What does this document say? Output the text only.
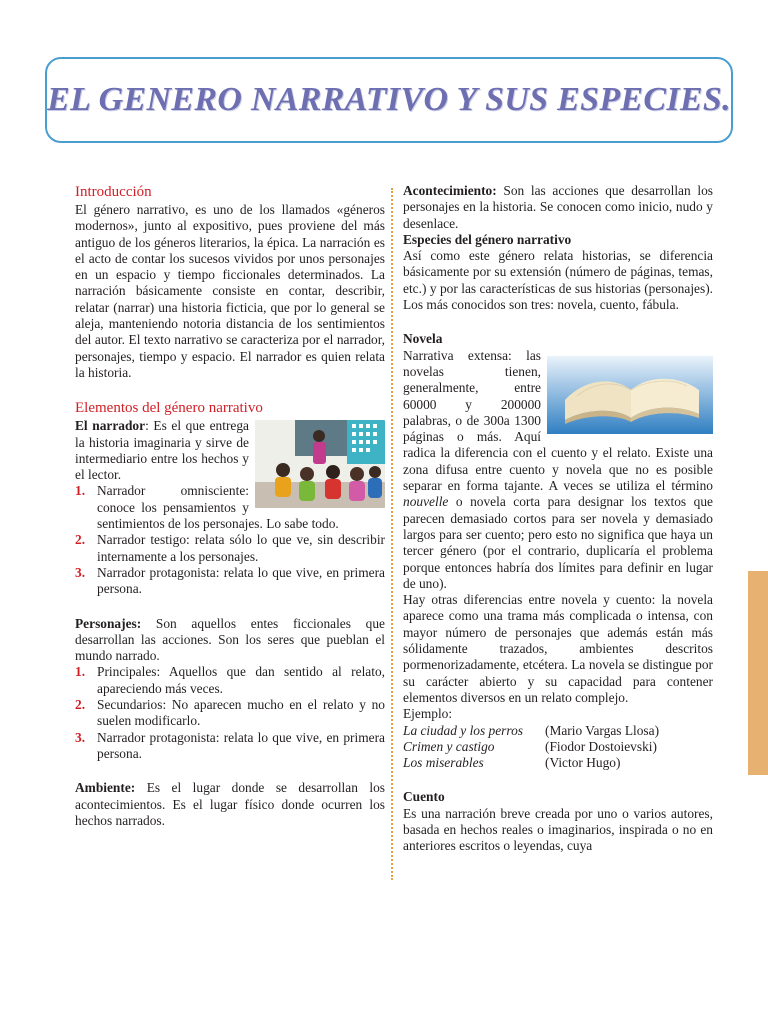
EL GENERO NARRATIVO Y SUS ESPECIES.
Introducción

El género narrativo, es uno de los llamados «géneros modernos», junto al expositivo, pues proviene del más antiguo de los géneros literarios, la épica. La narración es el acto de contar los sucesos vividos por unos personajes en un espacio y tiempo ficcionales determinados. La narración básicamente consiste en contar, describir, relatar (narrar) una historia ficticia, que por lo general se aleja, manteniendo notoria distancia de los sentimientos del autor. El texto narrativo se caracteriza por el narrador, personajes, tiempo y espacio. El narrador es quien relata la historia.

Elementos del género narrativo

El narrador: Es el que entrega la historia imaginaria y sirve de intermediario entre los hechos y el lector.

1. Narrador omnisciente: conoce los pensamientos y sentimientos de los personajes. Lo sabe todo.
2. Narrador testigo: relata sólo lo que ve, sin describir internamente a los personajes.
3. Narrador protagonista: relata lo que vive, en primera persona.

Personajes: Son aquellos entes ficcionales que desarrollan las acciones. Son los seres que pueblan el mundo narrado.

1. Principales: Aquellos que dan sentido al relato, apareciendo más veces.
2. Secundarios: No aparecen mucho en el relato y no suelen modificarlo.
3. Narrador protagonista: relata lo que vive, en primera persona.

Ambiente: Es el lugar donde se desarrollan los acontecimientos. Es el lugar físico donde ocurren los hechos narrados.

Acontecimiento: Son las acciones que desarrollan los personajes en la historia. Se conocen como inicio, nudo y desenlace.

Especies del género narrativo

Así como este género relata historias, se diferencia básicamente por su extensión (número de páginas, temas, etc.) y por las características de sus historias (personajes). Los más conocidos son tres: novela, cuento, fábula.

Novela

Narrativa extensa: las novelas tienen, generalmente, entre 60000 y 200000 palabras, o de 300a 1300 páginas o más. Aquí radica la diferencia con el cuento y el relato. Existe una zona difusa entre cuento y novela que no es posible separar en forma tajante. A veces se utiliza el término nouvelle o novela corta para designar los textos que parecen demasiado cortos para ser novela y demasiado largos para ser cuento; pero esto no significa que haya un tercer género (por el contrario, duplicaría el problema porque entonces habría dos límites para definir en lugar de uno).

Hay otras diferencias entre novela y cuento: la novela aparece como una trama más complicada o intensa, con mayor número de personajes que además están más sólidamente trazados, ambientes descritos pormenorizadamente, etcétera. La novela se distingue por su carácter abierto y su capacidad para contener elementos diversos en un relato complejo.

Ejemplo:

La ciudad y los perros	(Mario Vargas Llosa)
Crimen y castigo	(Fiodor Dostoievski)
Los miserables	(Victor Hugo)
Cuento

Es una narración breve creada por uno o varios autores, basada en hechos reales o imaginarios, inspirada o no en anteriores escritos o leyendas, cuya
